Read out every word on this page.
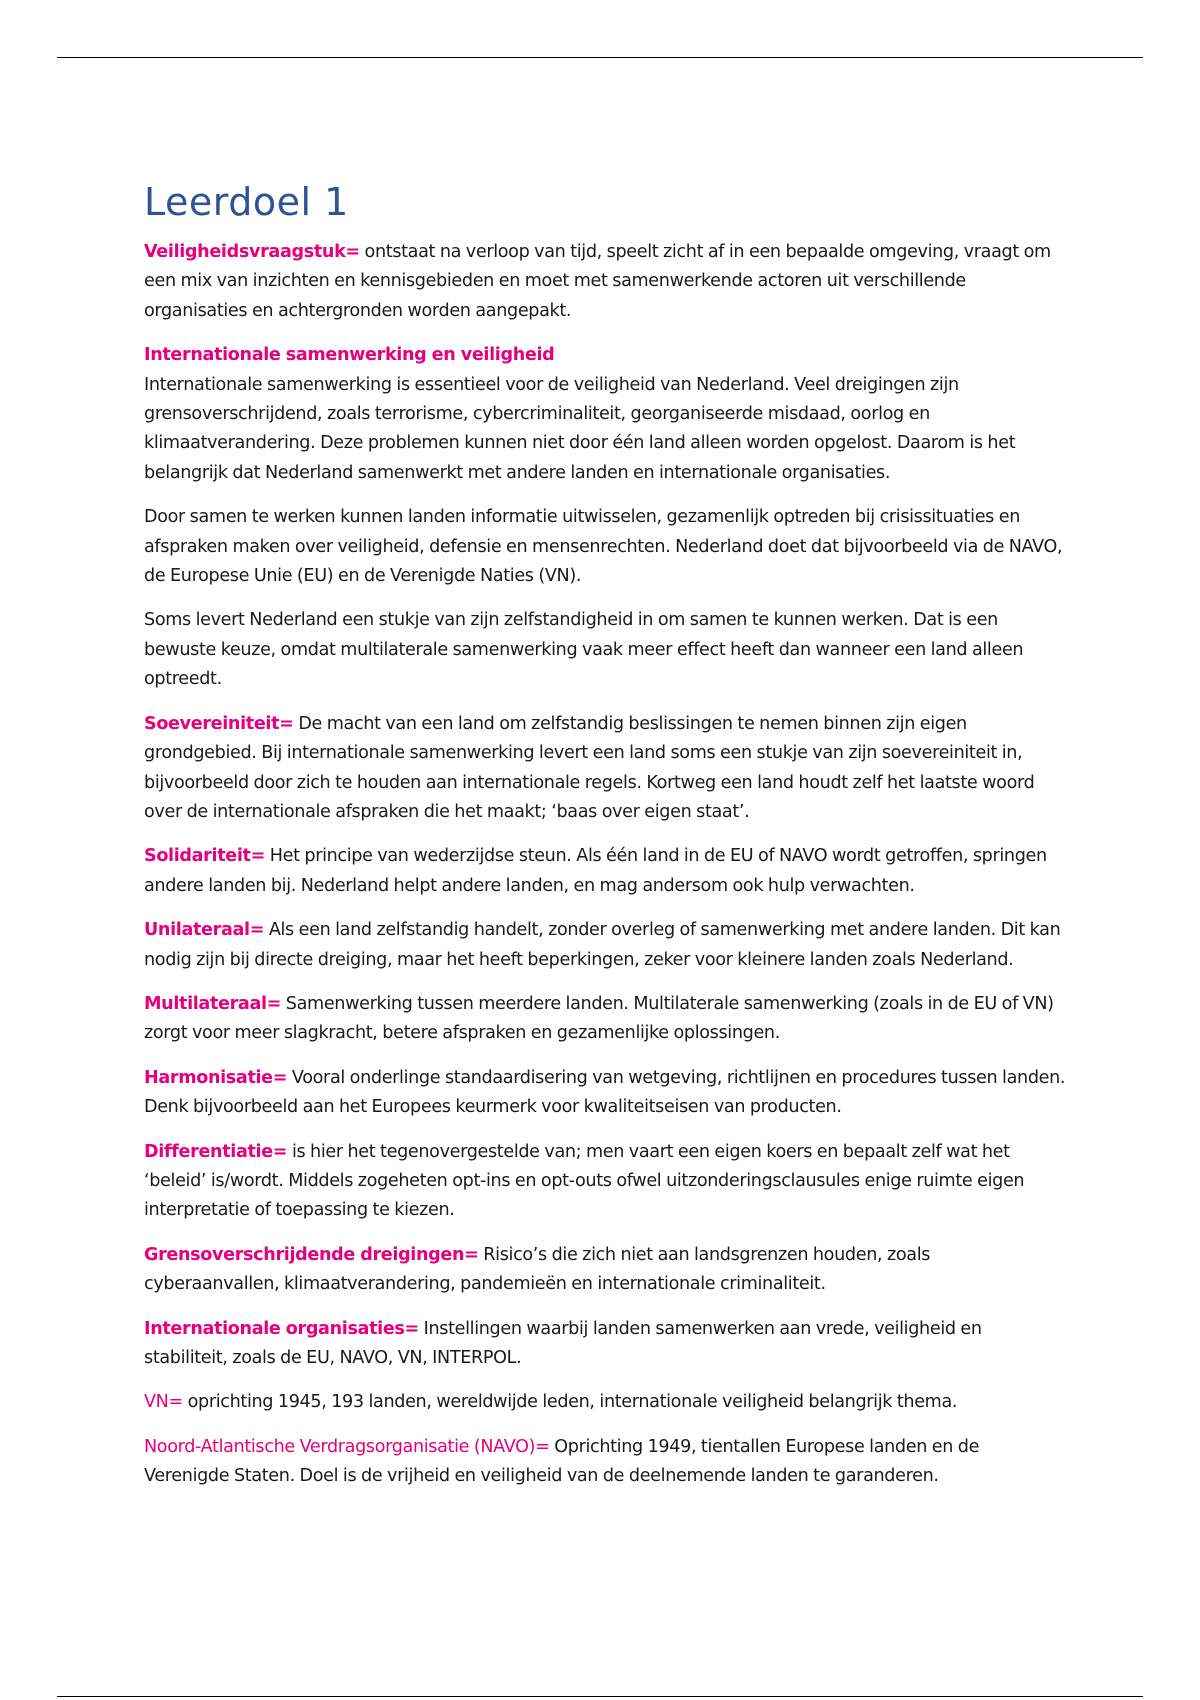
Leerdoel 1

Veiligheidsvraagstuk= ontstaat na verloop van tijd, speelt zicht af in een bepaalde omgeving, vraagt om een mix van inzichten en kennisgebieden en moet met samenwerkende actoren uit verschillende organisaties en achtergronden worden aangepakt.

Internationale samenwerking en veiligheid
Internationale samenwerking is essentieel voor de veiligheid van Nederland. Veel dreigingen zijn grensoverschrijdend, zoals terrorisme, cybercriminaliteit, georganiseerde misdaad, oorlog en klimaatverandering. Deze problemen kunnen niet door één land alleen worden opgelost. Daarom is het belangrijk dat Nederland samenwerkt met andere landen en internationale organisaties.

Door samen te werken kunnen landen informatie uitwisselen, gezamenlijk optreden bij crisissituaties en afspraken maken over veiligheid, defensie en mensenrechten. Nederland doet dat bijvoorbeeld via de NAVO, de Europese Unie (EU) en de Verenigde Naties (VN).

Soms levert Nederland een stukje van zijn zelfstandigheid in om samen te kunnen werken. Dat is een bewuste keuze, omdat multilaterale samenwerking vaak meer effect heeft dan wanneer een land alleen optreedt.

Soevereiniteit= De macht van een land om zelfstandig beslissingen te nemen binnen zijn eigen grondgebied. Bij internationale samenwerking levert een land soms een stukje van zijn soevereiniteit in, bijvoorbeeld door zich te houden aan internationale regels. Kortweg een land houdt zelf het laatste woord over de internationale afspraken die het maakt; ‘baas over eigen staat’.

Solidariteit= Het principe van wederzijdse steun. Als één land in de EU of NAVO wordt getroffen, springen andere landen bij. Nederland helpt andere landen, en mag andersom ook hulp verwachten.

Unilateraal= Als een land zelfstandig handelt, zonder overleg of samenwerking met andere landen. Dit kan nodig zijn bij directe dreiging, maar het heeft beperkingen, zeker voor kleinere landen zoals Nederland.

Multilateraal= Samenwerking tussen meerdere landen. Multilaterale samenwerking (zoals in de EU of VN) zorgt voor meer slagkracht, betere afspraken en gezamenlijke oplossingen.

Harmonisatie= Vooral onderlinge standaardisering van wetgeving, richtlijnen en procedures tussen landen. Denk bijvoorbeeld aan het Europees keurmerk voor kwaliteitseisen van producten.

Differentiatie= is hier het tegenovergestelde van; men vaart een eigen koers en bepaalt zelf wat het ‘beleid’ is/wordt. Middels zogeheten opt-ins en opt-outs ofwel uitzonderingsclausules enige ruimte eigen interpretatie of toepassing te kiezen.

Grensoverschrijdende dreigingen= Risico’s die zich niet aan landsgrenzen houden, zoals cyberaanvallen, klimaatverandering, pandemieën en internationale criminaliteit.

Internationale organisaties= Instellingen waarbij landen samenwerken aan vrede, veiligheid en stabiliteit, zoals de EU, NAVO, VN, INTERPOL.

VN= oprichting 1945, 193 landen, wereldwijde leden, internationale veiligheid belangrijk thema.

Noord-Atlantische Verdragsorganisatie (NAVO)= Oprichting 1949, tientallen Europese landen en de Verenigde Staten. Doel is de vrijheid en veiligheid van de deelnemende landen te garanderen.
